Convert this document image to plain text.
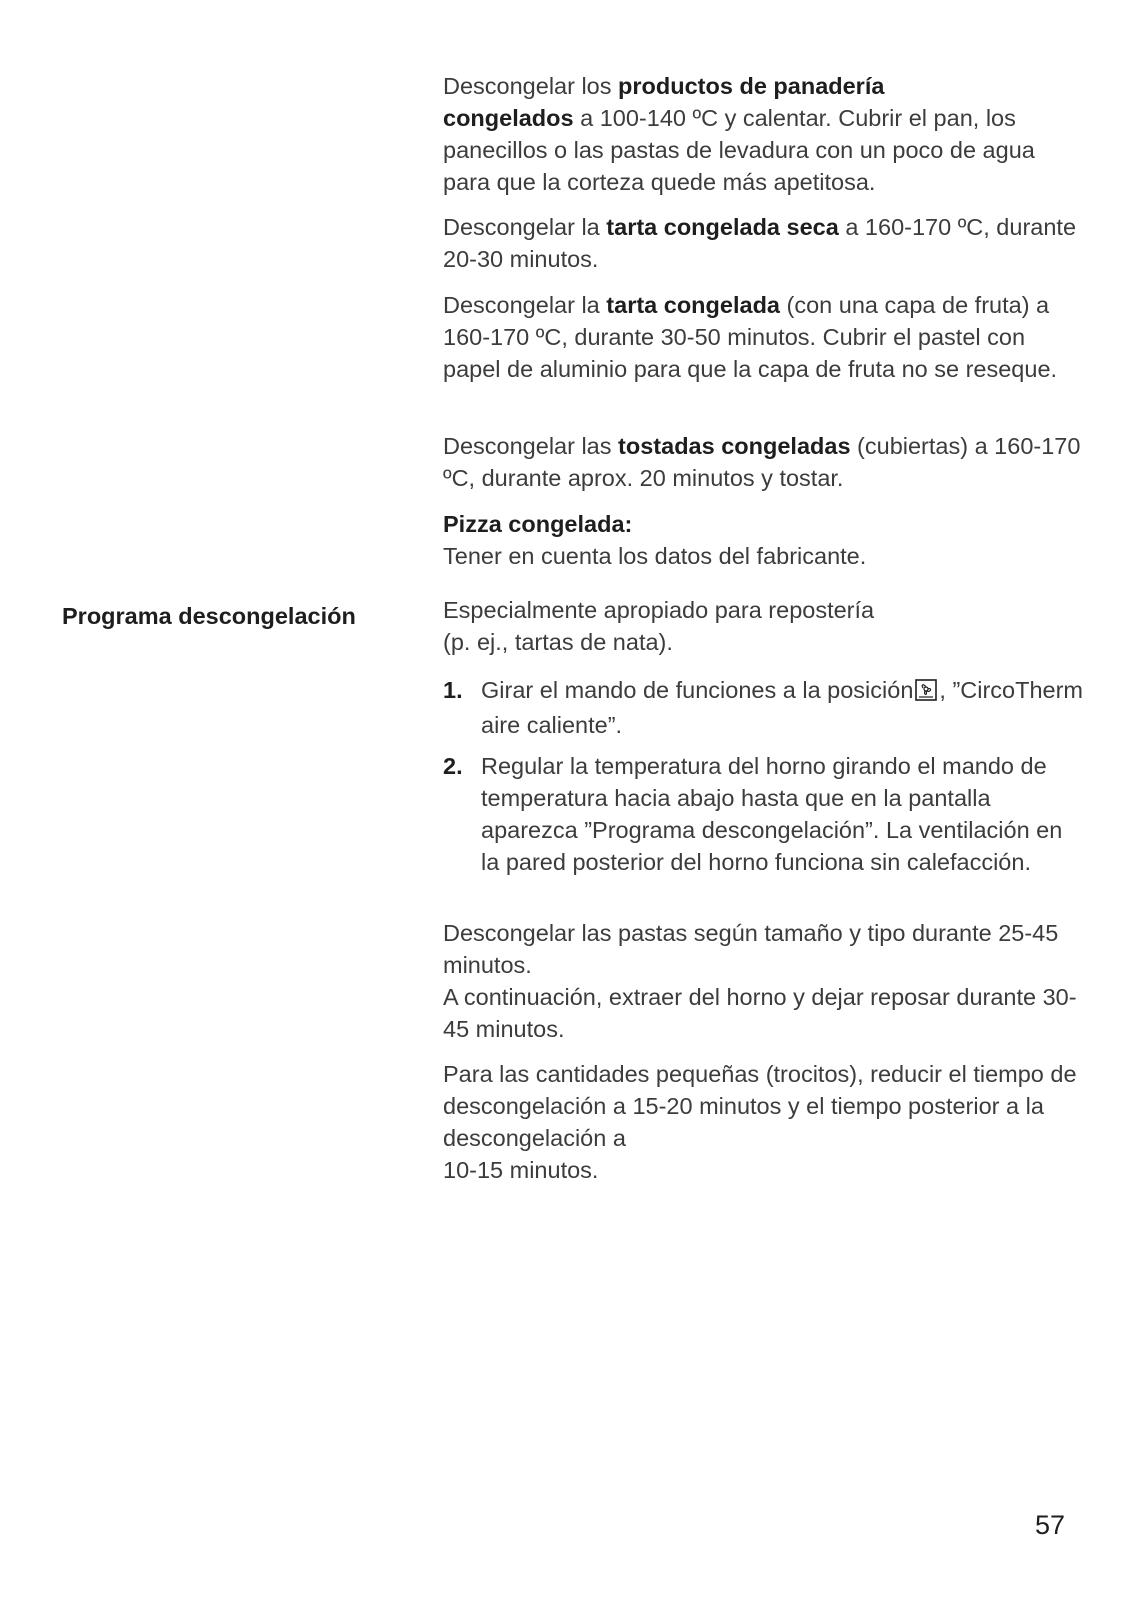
Descongelar los productos de panadería
congelados a 100-140 ºC y calentar. Cubrir el pan, los panecillos o las pastas de levadura con un poco de agua para que la corteza quede más apetitosa.

Descongelar la tarta congelada seca a 160-170 ºC, durante 20-30 minutos.

Descongelar la tarta congelada (con una capa de fruta) a 160-170 ºC, durante 30-50 minutos. Cubrir el pastel con papel de aluminio para que la capa de fruta no se reseque.

Descongelar las tostadas congeladas (cubiertas) a 160-170 ºC, durante aprox. 20 minutos y tostar.

Pizza congelada:
Tener en cuenta los datos del fabricante.

Programa descongelación	Especialmente apropiado para repostería
(p. ej., tartas de nata).

1. Girar el mando de funciones a la posición , ”CircoTherm aire caliente”.
2. Regular la temperatura del horno girando el mando de temperatura hacia abajo hasta que en la pantalla aparezca ”Programa descongelación”. La ventilación en la pared posterior del horno funciona sin calefacción.

Descongelar las pastas según tamaño y tipo durante 25-45 minutos.
A continuación, extraer del horno y dejar reposar durante 30-45 minutos.

Para las cantidades pequeñas (trocitos), reducir el tiempo de descongelación a 15-20 minutos y el tiempo posterior a la descongelación a
10-15 minutos.

57
